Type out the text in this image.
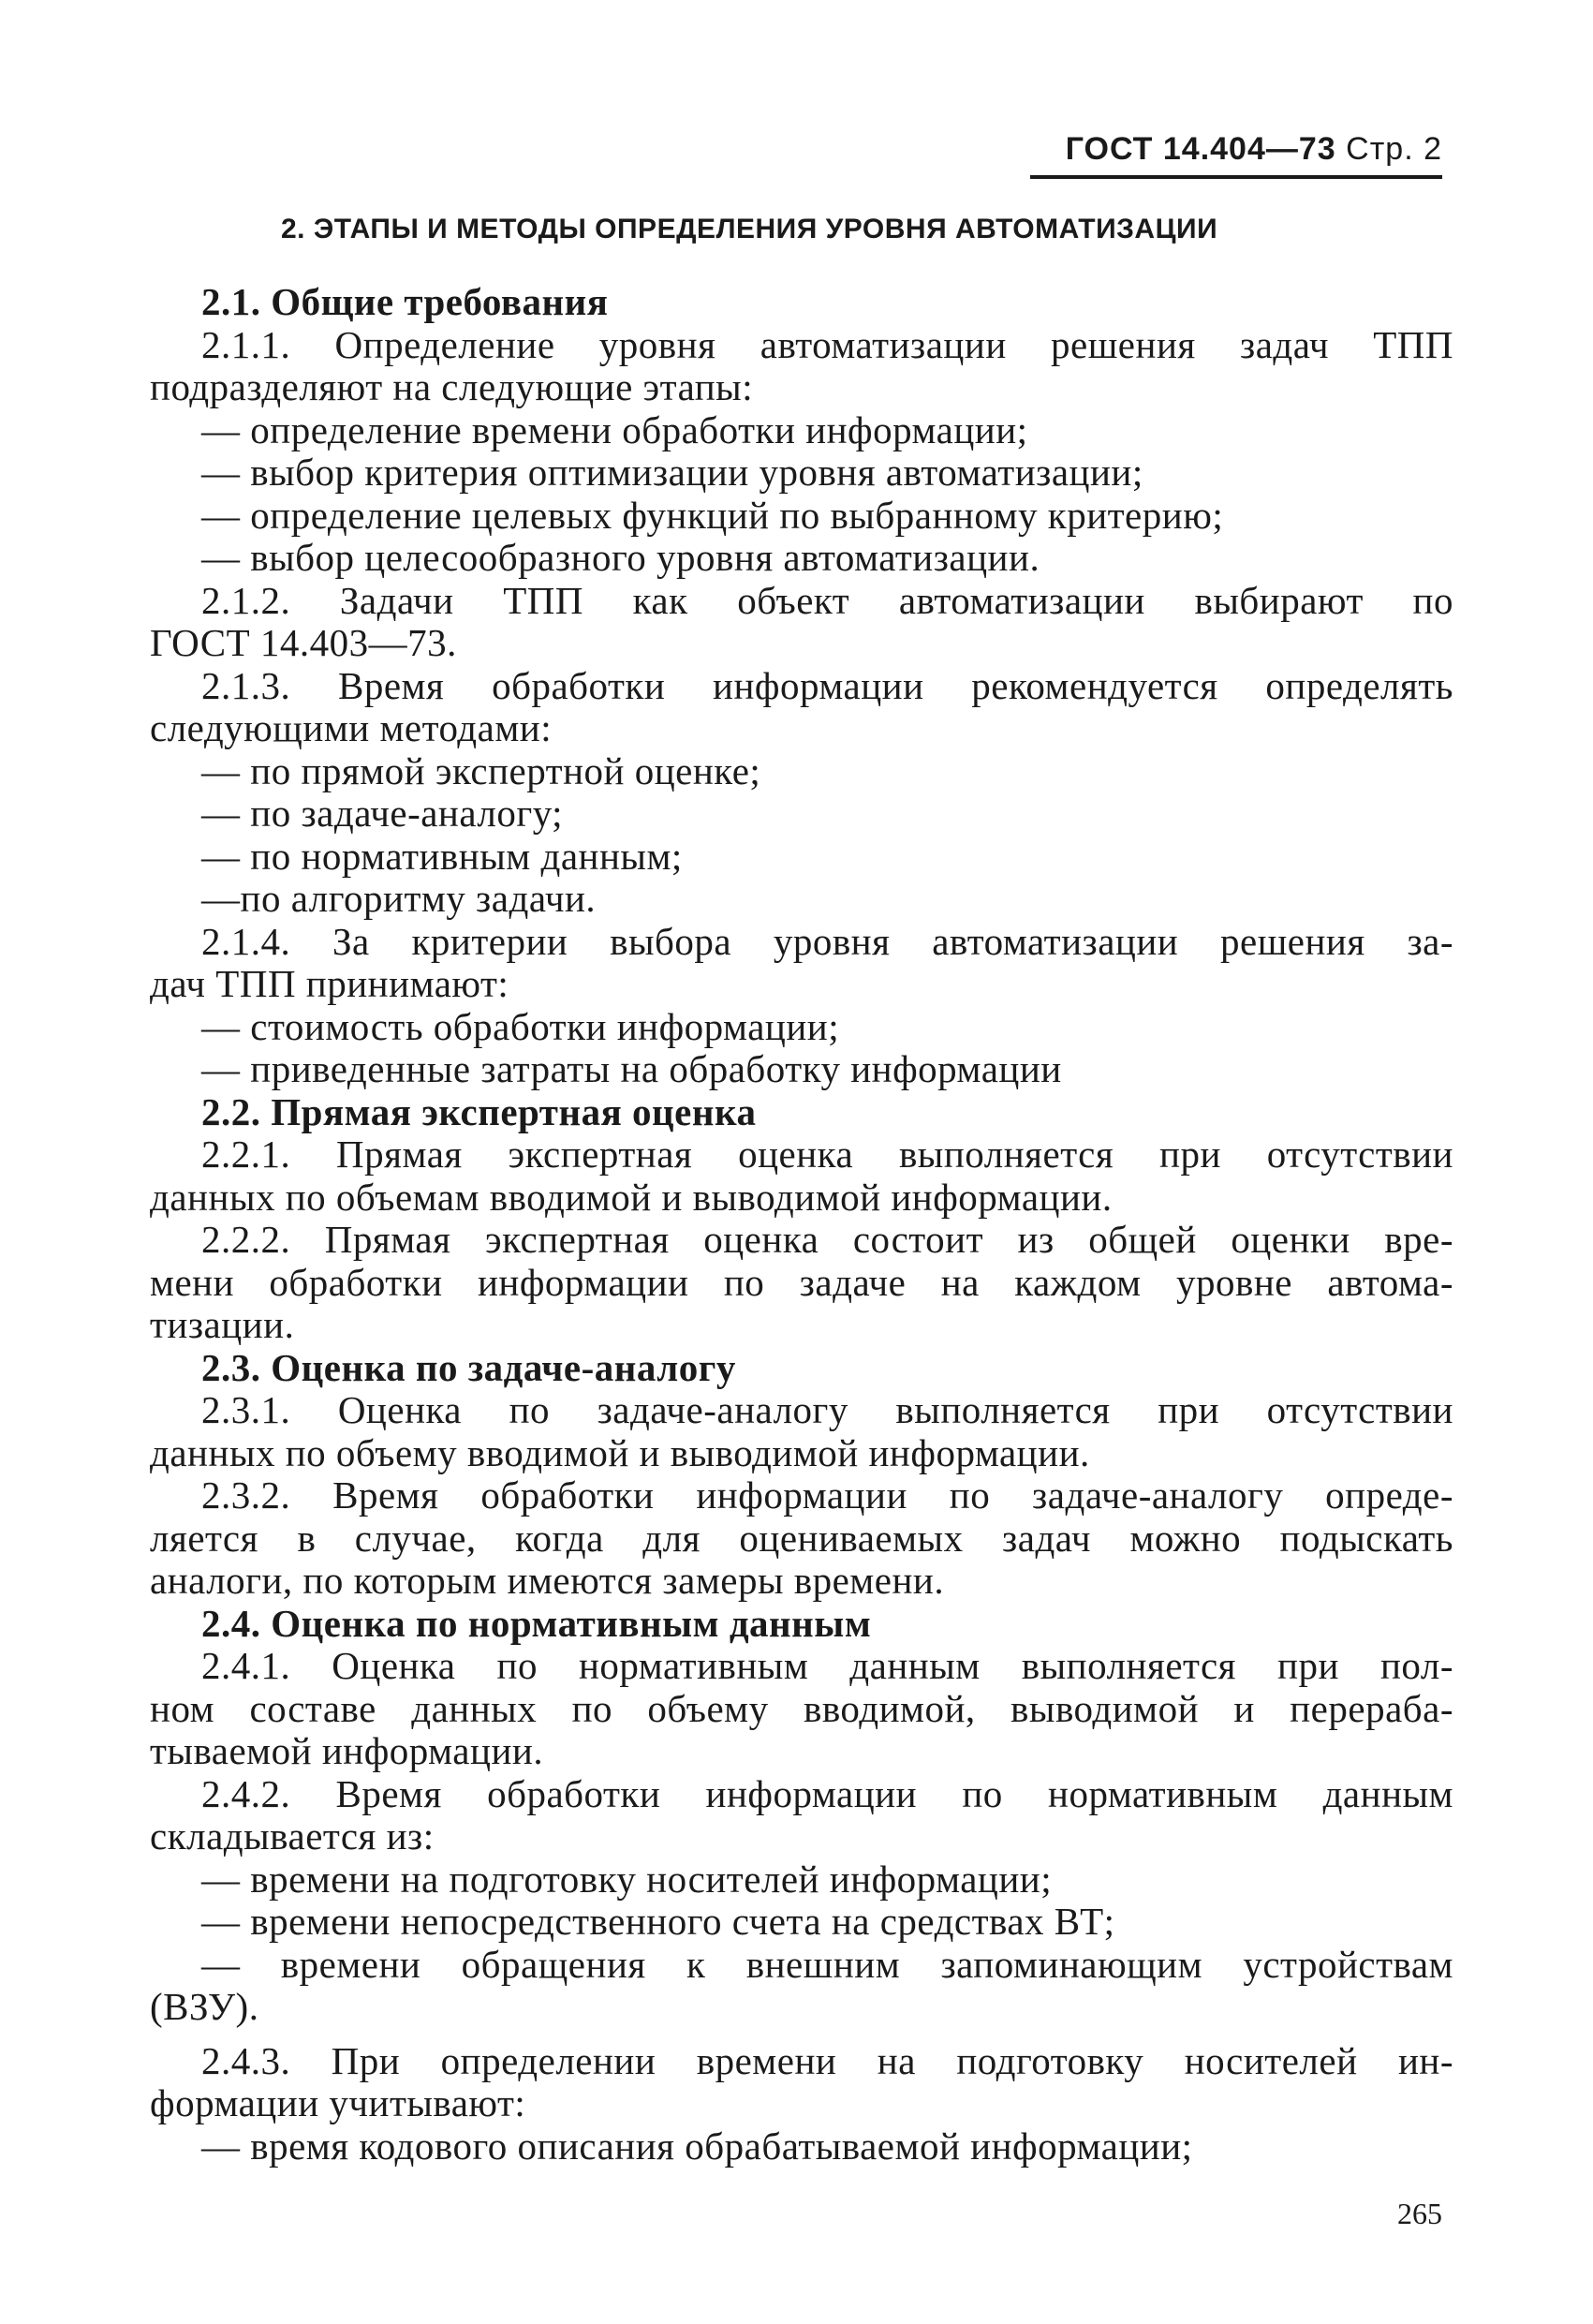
ГОСТ 14.404—73 Стр. 2
2. ЭТАПЫ И МЕТОДЫ ОПРЕДЕЛЕНИЯ УРОВНЯ АВТОМАТИЗАЦИИ
2.1. Общие требования
2.1.1. Определение уровня автоматизации решения задач ТПП
подразделяют на следующие этапы:
— определение времени обработки информации;
— выбор критерия оптимизации уровня автоматизации;
— определение целевых функций по выбранному критерию;
— выбор целесообразного уровня автоматизации.
2.1.2. Задачи ТПП как объект автоматизации выбирают по
ГОСТ 14.403—73.
2.1.3. Время обработки информации рекомендуется определять
следующими методами:
— по прямой экспертной оценке;
— по задаче-аналогу;
— по нормативным данным;
—по алгоритму задачи.
2.1.4. За критерии выбора уровня автоматизации решения за-
дач ТПП принимают:
— стоимость обработки информации;
— приведенные затраты на обработку информации
2.2. Прямая экспертная оценка
2.2.1. Прямая экспертная оценка выполняется при отсутствии
данных по объемам вводимой и выводимой информации.
2.2.2. Прямая экспертная оценка состоит из общей оценки вре-
мени обработки информации по задаче на каждом уровне автома-
тизации.
2.3. Оценка по задаче-аналогу
2.3.1. Оценка по задаче-аналогу выполняется при отсутствии
данных по объему вводимой и выводимой информации.
2.3.2. Время обработки информации по задаче-аналогу опреде-
ляется в случае, когда для оцениваемых задач можно подыскать
аналоги, по которым имеются замеры времени.
2.4. Оценка по нормативным данным
2.4.1. Оценка по нормативным данным выполняется при пол-
ном составе данных по объему вводимой, выводимой и перераба-
тываемой информации.
2.4.2. Время обработки информации по нормативным данным
складывается из:
— времени на подготовку носителей информации;
— времени непосредственного счета на средствах ВТ;
— времени обращения к внешним запоминающим устройствам
(ВЗУ).
2.4.3. При определении времени на подготовку носителей ин-
формации учитывают:
— время кодового описания обрабатываемой информации;
265
